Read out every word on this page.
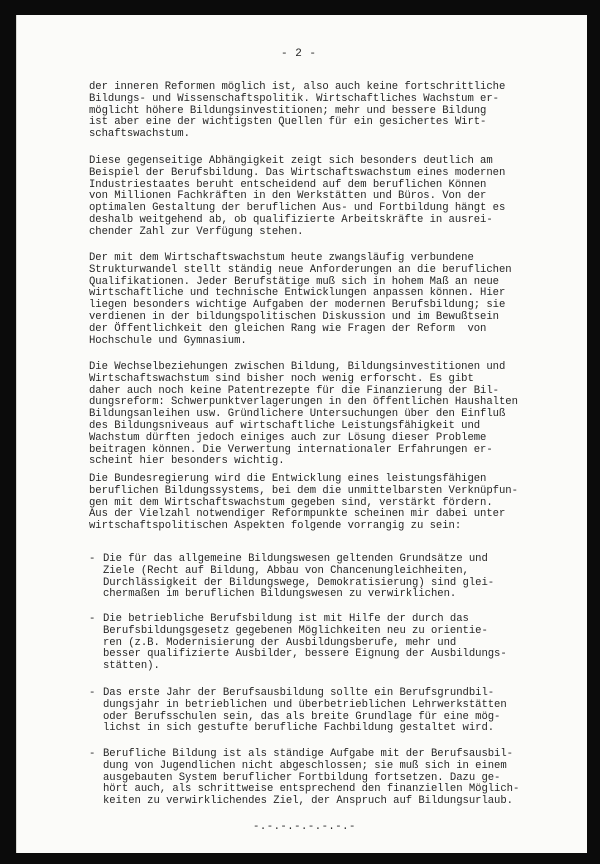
- 2 -
der inneren Reformen möglich ist, also auch keine fortschrittliche
Bildungs- und Wissenschaftspolitik. Wirtschaftliches Wachstum er-
möglicht höhere Bildungsinvestitionen; mehr und bessere Bildung
ist aber eine der wichtigsten Quellen für ein gesichertes Wirt-
schaftswachstum.
Diese gegenseitige Abhängigkeit zeigt sich besonders deutlich am
Beispiel der Berufsbildung. Das Wirtschaftswachstum eines modernen
Industriestaates beruht entscheidend auf dem beruflichen Können
von Millionen Fachkräften in den Werkstätten und Büros. Von der
optimalen Gestaltung der beruflichen Aus- und Fortbildung hängt es
deshalb weitgehend ab, ob qualifizierte Arbeitskräfte in ausrei-
chender Zahl zur Verfügung stehen.
Der mit dem Wirtschaftswachstum heute zwangsläufig verbundene
Strukturwandel stellt ständig neue Anforderungen an die beruflichen
Qualifikationen. Jeder Berufstätige muß sich in hohem Maß an neue
wirtschaftliche und technische Entwicklungen anpassen können. Hier
liegen besonders wichtige Aufgaben der modernen Berufsbildung; sie
verdienen in der bildungspolitischen Diskussion und im Bewußtsein
der Öffentlichkeit den gleichen Rang wie Fragen der Reform  von
Hochschule und Gymnasium.
Die Wechselbeziehungen zwischen Bildung, Bildungsinvestitionen und
Wirtschaftswachstum sind bisher noch wenig erforscht. Es gibt
daher auch noch keine Patentrezepte für die Finanzierung der Bil-
dungsreform: Schwerpunktverlagerungen in den öffentlichen Haushalten
Bildungsanleihen usw. Gründlichere Untersuchungen über den Einfluß
des Bildungsniveaus auf wirtschaftliche Leistungsfähigkeit und
Wachstum dürften jedoch einiges auch zur Lösung dieser Probleme
beitragen können. Die Verwertung internationaler Erfahrungen er-
scheint hier besonders wichtig.
Die Bundesregierung wird die Entwicklung eines leistungsfähigen
beruflichen Bildungssystems, bei dem die unmittelbarsten Verknüpfun-
gen mit dem Wirtschaftswachstum gegeben sind, verstärkt fördern.
Aus der Vielzahl notwendiger Reformpunkte scheinen mir dabei unter
wirtschaftspolitischen Aspekten folgende vorrangig zu sein:
- Die für das allgemeine Bildungswesen geltenden Grundsätze und
Ziele (Recht auf Bildung, Abbau von Chancenungleichheiten,
Durchlässigkeit der Bildungswege, Demokratisierung) sind glei-
chermaßen im beruflichen Bildungswesen zu verwirklichen.
- Die betriebliche Berufsbildung ist mit Hilfe der durch das
Berufsbildungsgesetz gegebenen Möglichkeiten neu zu orientie-
ren (z.B. Modernisierung der Ausbildungsberufe, mehr und
besser qualifizierte Ausbilder, bessere Eignung der Ausbildungs-
stätten).
- Das erste Jahr der Berufsausbildung sollte ein Berufsgrundbil-
dungsjahr in betrieblichen und überbetrieblichen Lehrwerkstätten
oder Berufsschulen sein, das als breite Grundlage für eine mög-
lichst in sich gestufte berufliche Fachbildung gestaltet wird.
- Berufliche Bildung ist als ständige Aufgabe mit der Berufsausbil-
dung von Jugendlichen nicht abgeschlossen; sie muß sich in einem
ausgebauten System beruflicher Fortbildung fortsetzen. Dazu ge-
hört auch, als schrittweise entsprechend den finanziellen Möglich-
keiten zu verwirklichendes Ziel, der Anspruch auf Bildungsurlaub.
-.-.-.-.-.-.-.-
